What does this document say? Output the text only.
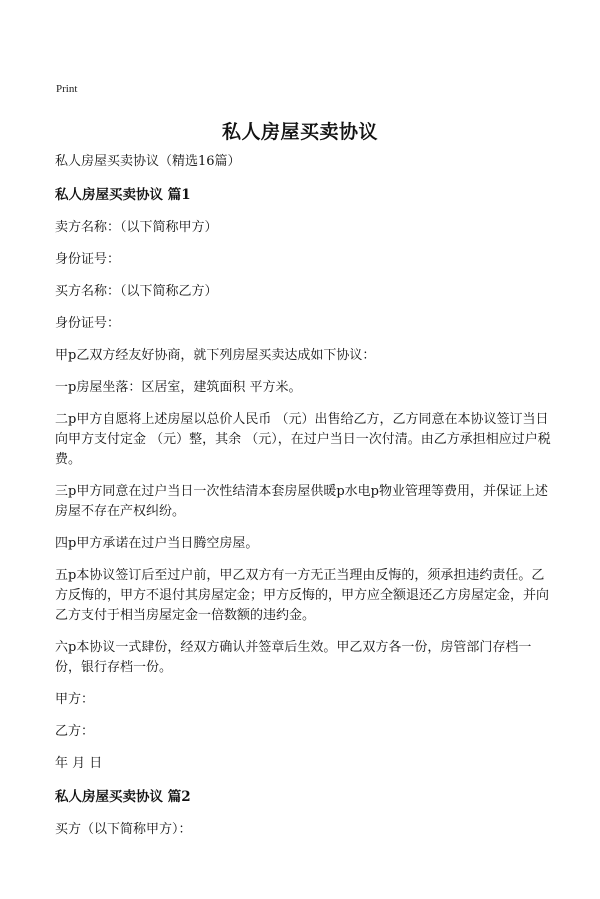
Print
私人房屋买卖协议

私人房屋买卖协议（精选16篇）

私人房屋买卖协议 篇1

卖方名称：（以下简称甲方）

身份证号：

买方名称：（以下简称乙方）

身份证号：

甲p乙双方经友好协商，就下列房屋买卖达成如下协议：

一p房屋坐落：区居室，建筑面积 平方米。

二p甲方自愿将上述房屋以总价人民币 （元）出售给乙方，乙方同意在本协议签订当日向甲方支付定金 （元）整，其余 （元），在过户当日一次付清。由乙方承担相应过户税费。

三p甲方同意在过户当日一次性结清本套房屋供暖p水电p物业管理等费用，并保证上述房屋不存在产权纠纷。

四p甲方承诺在过户当日腾空房屋。

五p本协议签订后至过户前，甲乙双方有一方无正当理由反悔的，须承担违约责任。乙方反悔的，甲方不退付其房屋定金；甲方反悔的，甲方应全额退还乙方房屋定金，并向乙方支付于相当房屋定金一倍数额的违约金。

六p本协议一式肆份，经双方确认并签章后生效。甲乙双方各一份，房管部门存档一份，银行存档一份。

甲方：

乙方：

年 月 日

私人房屋买卖协议 篇2

买方（以下简称甲方）：
